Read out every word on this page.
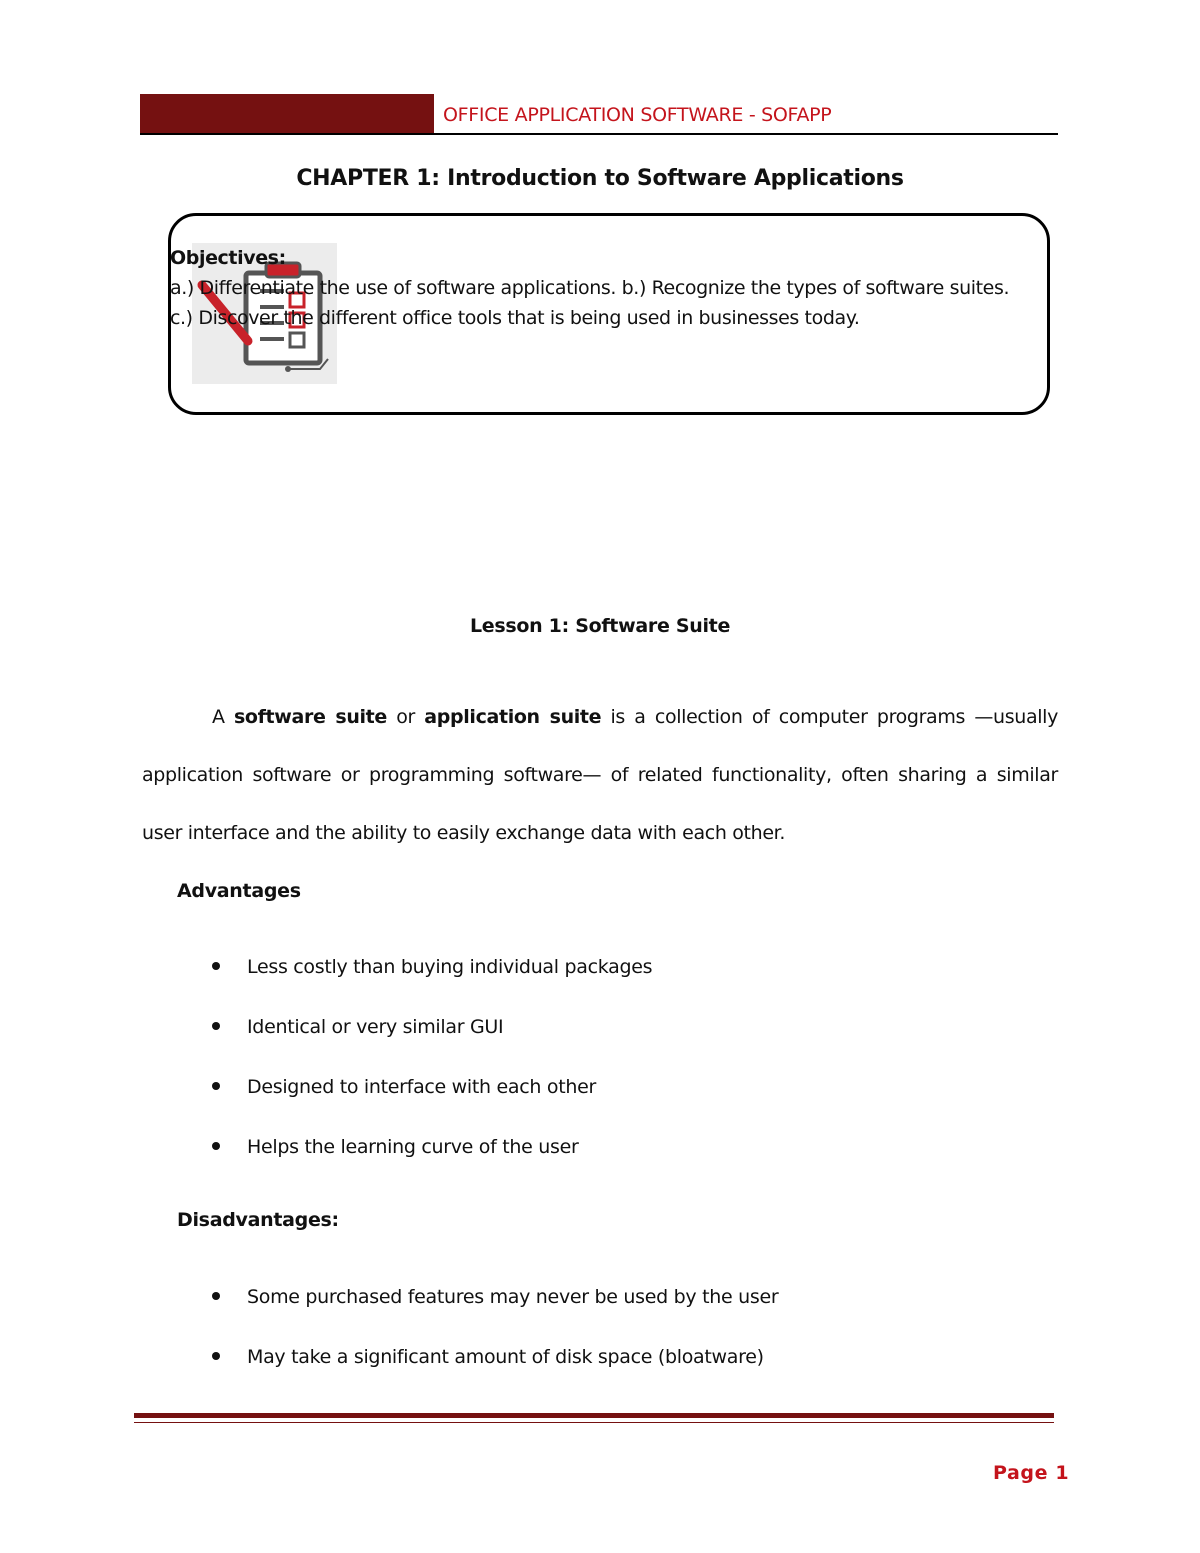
OFFICE APPLICATION SOFTWARE - SOFAPP
CHAPTER 1: Introduction to Software Applications
Objectives:
a.) Differentiate the use of software applications. b.) Recognize the types of software suites.
c.) Discover the different office tools that is being used in businesses today.
Lesson 1: Software Suite
A software suite or application suite is a collection of computer programs —usually application software or programming software— of related functionality, often sharing a similar user interface and the ability to easily exchange data with each other.
Advantages
Less costly than buying individual packages
Identical or very similar GUI
Designed to interface with each other
Helps the learning curve of the user
Disadvantages:
Some purchased features may never be used by the user
May take a significant amount of disk space (bloatware)
Page 1
